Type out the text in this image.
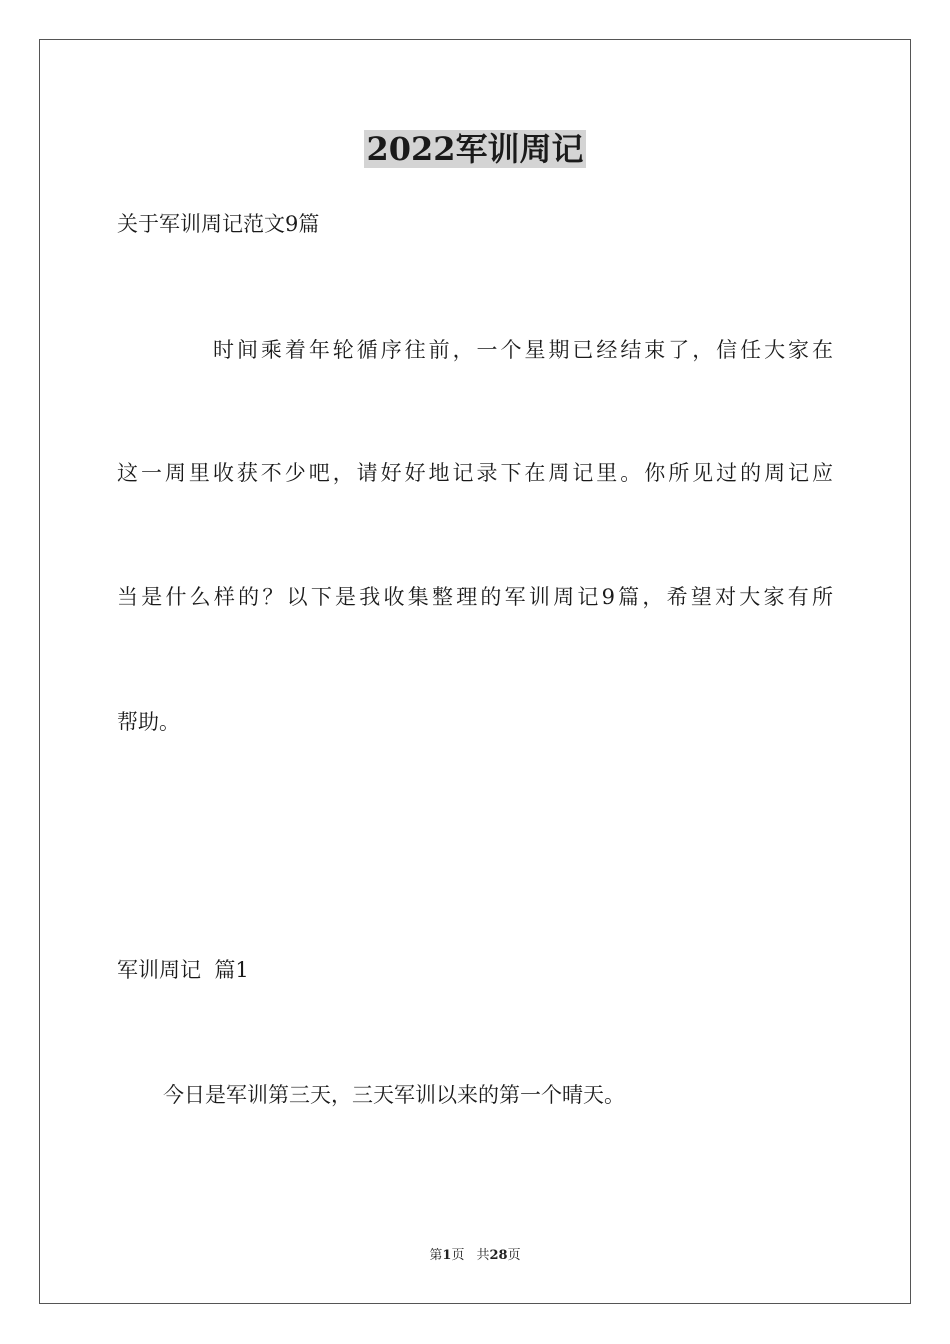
2022军训周记
关于军训周记范文9篇
时间乘着年轮循序往前，一个星期已经结束了，信任大家在
这一周里收获不少吧，请好好地记录下在周记里。你所见过的周记应
当是什么样的？以下是我收集整理的军训周记9篇，希望对大家有所
帮助。
军训周记  篇1
今日是军训第三天，三天军训以来的第一个晴天。
第1页 共28页
